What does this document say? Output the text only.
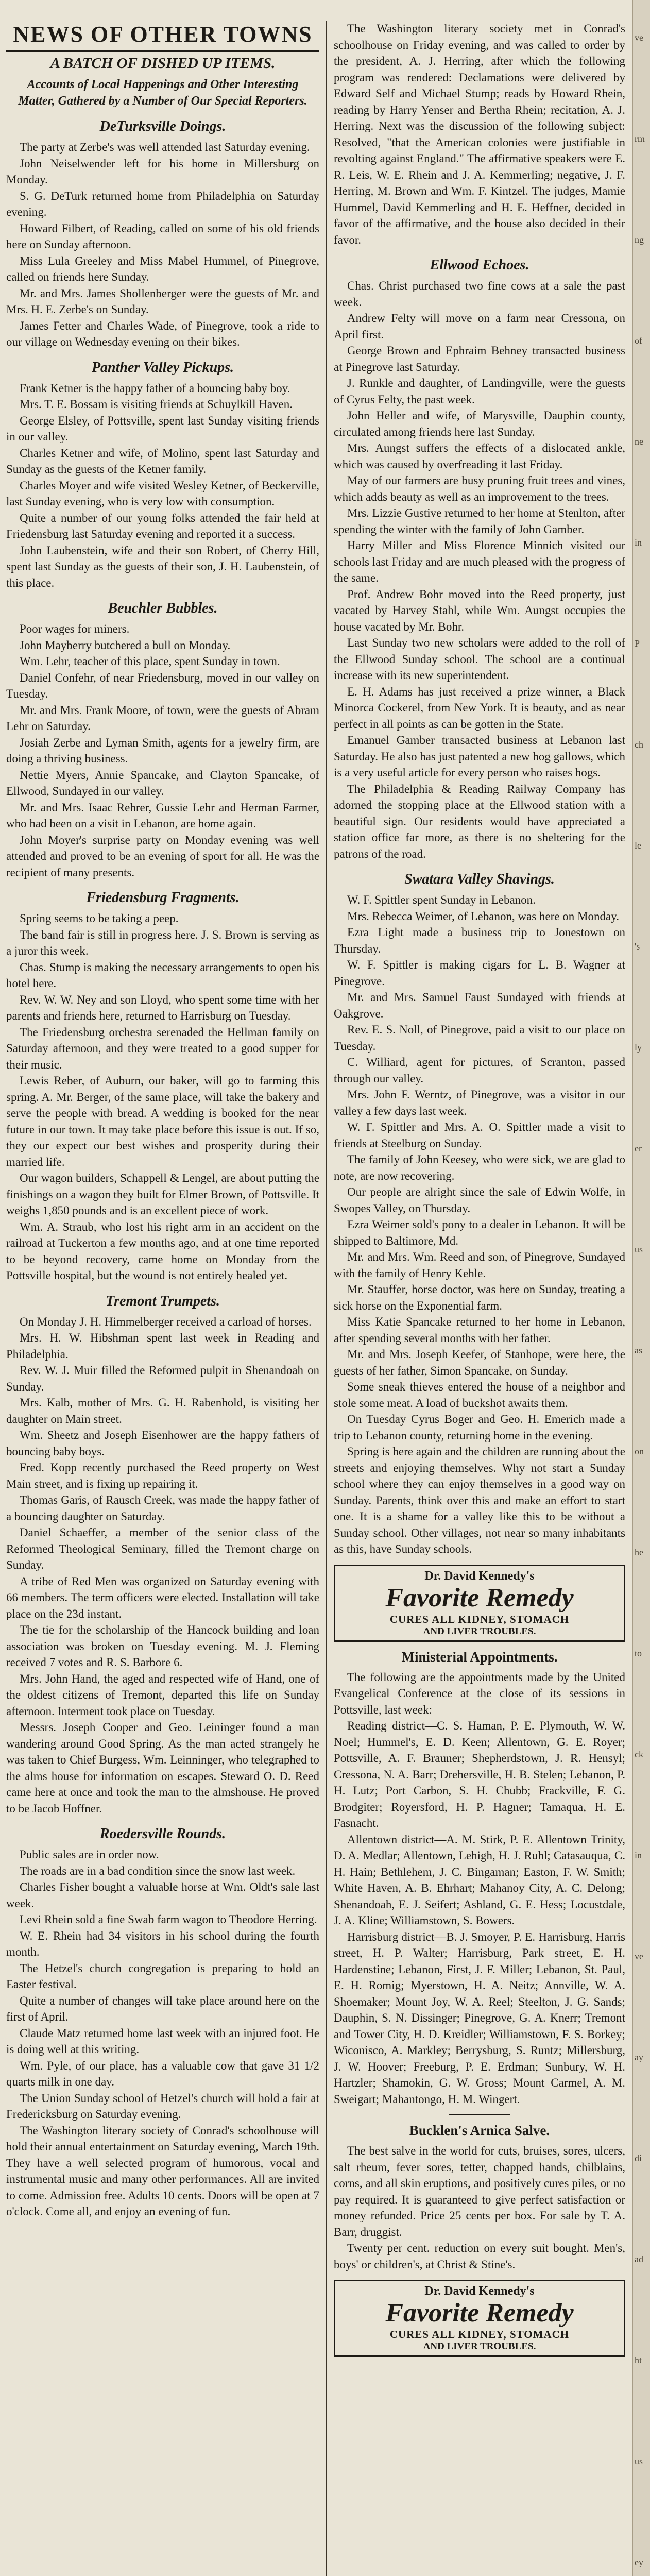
NEWS OF OTHER TOWNS
A BATCH OF DISHED UP ITEMS.
Accounts of Local Happenings and Other Interesting Matter, Gathered by a Number of Our Special Reporters.
DeTurksville Doings.

The party at Zerbe's was well attended last Saturday evening.

John Neiselwender left for his home in Millersburg on Monday.

S. G. DeTurk returned home from Philadelphia on Saturday evening.

Howard Filbert, of Reading, called on some of his old friends here on Sunday afternoon.

Miss Lula Greeley and Miss Mabel Hummel, of Pinegrove, called on friends here Sunday.

Mr. and Mrs. James Shollenberger were the guests of Mr. and Mrs. H. E. Zerbe's on Sunday.

James Fetter and Charles Wade, of Pinegrove, took a ride to our village on Wednesday evening on their bikes.

Panther Valley Pickups.

Frank Ketner is the happy father of a bouncing baby boy.

Mrs. T. E. Bossam is visiting friends at Schuylkill Haven.

George Elsley, of Pottsville, spent last Sunday visiting friends in our valley.

Charles Ketner and wife, of Molino, spent last Saturday and Sunday as the guests of the Ketner family.

Charles Moyer and wife visited Wesley Ketner, of Beckerville, last Sunday evening, who is very low with consumption.

Quite a number of our young folks attended the fair held at Friedensburg last Saturday evening and reported it a success.

John Laubenstein, wife and their son Robert, of Cherry Hill, spent last Sunday as the guests of their son, J. H. Laubenstein, of this place.

Beuchler Bubbles.

Poor wages for miners.

John Mayberry butchered a bull on Monday.

Wm. Lehr, teacher of this place, spent Sunday in town.

Daniel Confehr, of near Friedensburg, moved in our valley on Tuesday.

Mr. and Mrs. Frank Moore, of town, were the guests of Abram Lehr on Saturday.

Josiah Zerbe and Lyman Smith, agents for a jewelry firm, are doing a thriving business.

Nettie Myers, Annie Spancake, and Clayton Spancake, of Ellwood, Sundayed in our valley.

Mr. and Mrs. Isaac Rehrer, Gussie Lehr and Herman Farmer, who had been on a visit in Lebanon, are home again.

John Moyer's surprise party on Monday evening was well attended and proved to be an evening of sport for all. He was the recipient of many presents.

Friedensburg Fragments.

Spring seems to be taking a peep.

The band fair is still in progress here. J. S. Brown is serving as a juror this week.

Chas. Stump is making the necessary arrangements to open his hotel here.

Rev. W. W. Ney and son Lloyd, who spent some time with her parents and friends here, returned to Harrisburg on Tuesday.

The Friedensburg orchestra serenaded the Hellman family on Saturday afternoon, and they were treated to a good supper for their music.

Lewis Reber, of Auburn, our baker, will go to farming this spring. A. Mr. Berger, of the same place, will take the bakery and serve the people with bread. A wedding is booked for the near future in our town. It may take place before this issue is out. If so, they our expect our best wishes and prosperity during their married life.

Our wagon builders, Schappell & Lengel, are about putting the finishings on a wagon they built for Elmer Brown, of Pottsville. It weighs 1,850 pounds and is an excellent piece of work.

Wm. A. Straub, who lost his right arm in an accident on the railroad at Tuckerton a few months ago, and at one time reported to be beyond recovery, came home on Monday from the Pottsville hospital, but the wound is not entirely healed yet.

Tremont Trumpets.

On Monday J. H. Himmelberger received a carload of horses.

Mrs. H. W. Hibshman spent last week in Reading and Philadelphia.

Rev. W. J. Muir filled the Reformed pulpit in Shenandoah on Sunday.

Mrs. Kalb, mother of Mrs. G. H. Rabenhold, is visiting her daughter on Main street.

Wm. Sheetz and Joseph Eisenhower are the happy fathers of bouncing baby boys.

Fred. Kopp recently purchased the Reed property on West Main street, and is fixing up repairing it.

Thomas Garis, of Rausch Creek, was made the happy father of a bouncing daughter on Saturday.

Daniel Schaeffer, a member of the senior class of the Reformed Theological Seminary, filled the Tremont charge on Sunday.

A tribe of Red Men was organized on Saturday evening with 66 members. The term officers were elected. Installation will take place on the 23d instant.

The tie for the scholarship of the Hancock building and loan association was broken on Tuesday evening. M. J. Fleming received 7 votes and R. S. Barbore 6.

Mrs. John Hand, the aged and respected wife of Hand, one of the oldest citizens of Tremont, departed this life on Sunday afternoon. Interment took place on Tuesday.

Messrs. Joseph Cooper and Geo. Leininger found a man wandering around Good Spring. As the man acted strangely he was taken to Chief Burgess, Wm. Leinninger, who telegraphed to the alms house for information on escapes. Steward O. D. Reed came here at once and took the man to the almshouse. He proved to be Jacob Hoffner.

Roedersville Rounds.

Public sales are in order now.

The roads are in a bad condition since the snow last week.

Charles Fisher bought a valuable horse at Wm. Oldt's sale last week.

Levi Rhein sold a fine Swab farm wagon to Theodore Herring.

W. E. Rhein had 34 visitors in his school during the fourth month.

The Hetzel's church congregation is preparing to hold an Easter festival.

Quite a number of changes will take place around here on the first of April.

Claude Matz returned home last week with an injured foot. He is doing well at this writing.

Wm. Pyle, of our place, has a valuable cow that gave 31 1/2 quarts milk in one day.

The Union Sunday school of Hetzel's church will hold a fair at Fredericksburg on Saturday evening.

The Washington literary society of Conrad's schoolhouse will hold their annual entertainment on Saturday evening, March 19th. They have a well selected program of humorous, vocal and instrumental music and many other performances. All are invited to come. Admission free. Adults 10 cents. Doors will be open at 7 o'clock. Come all, and enjoy an evening of fun.

The Washington literary society met in Conrad's schoolhouse on Friday evening, and was called to order by the president, A. J. Herring, after which the following program was rendered: Declamations were delivered by Edward Self and Michael Stump; reads by Howard Rhein, reading by Harry Yenser and Bertha Rhein; recitation, A. J. Herring. Next was the discussion of the following subject: Resolved, "that the American colonies were justifiable in revolting against England." The affirmative speakers were E. R. Leis, W. E. Rhein and J. A. Kemmerling; negative, J. F. Herring, M. Brown and Wm. F. Kintzel. The judges, Mamie Hummel, David Kemmerling and H. E. Heffner, decided in favor of the affirmative, and the house also decided in their favor.

Ellwood Echoes.

Chas. Christ purchased two fine cows at a sale the past week.

Andrew Felty will move on a farm near Cressona, on April first.

George Brown and Ephraim Behney transacted business at Pinegrove last Saturday.

J. Runkle and daughter, of Landingville, were the guests of Cyrus Felty, the past week.

John Heller and wife, of Marysville, Dauphin county, circulated among friends here last Sunday.

Mrs. Aungst suffers the effects of a dislocated ankle, which was caused by overfreading it last Friday.

May of our farmers are busy pruning fruit trees and vines, which adds beauty as well as an improvement to the trees.

Mrs. Lizzie Gustive returned to her home at Stenlton, after spending the winter with the family of John Gamber.

Harry Miller and Miss Florence Minnich visited our schools last Friday and are much pleased with the progress of the same.

Prof. Andrew Bohr moved into the Reed property, just vacated by Harvey Stahl, while Wm. Aungst occupies the house vacated by Mr. Bohr.

Last Sunday two new scholars were added to the roll of the Ellwood Sunday school. The school are a continual increase with its new superintendent.

E. H. Adams has just received a prize winner, a Black Minorca Cockerel, from New York. It is beauty, and as near perfect in all points as can be gotten in the State.

Emanuel Gamber transacted business at Lebanon last Saturday. He also has just patented a new hog gallows, which is a very useful article for every person who raises hogs.

The Philadelphia & Reading Railway Company has adorned the stopping place at the Ellwood station with a beautiful sign. Our residents would have appreciated a station office far more, as there is no sheltering for the patrons of the road.

Swatara Valley Shavings.

W. F. Spittler spent Sunday in Lebanon.

Mrs. Rebecca Weimer, of Lebanon, was here on Monday.

Ezra Light made a business trip to Jonestown on Thursday.

W. F. Spittler is making cigars for L. B. Wagner at Pinegrove.

Mr. and Mrs. Samuel Faust Sundayed with friends at Oakgrove.

Rev. E. S. Noll, of Pinegrove, paid a visit to our place on Tuesday.

C. Williard, agent for pictures, of Scranton, passed through our valley.

Mrs. John F. Werntz, of Pinegrove, was a visitor in our valley a few days last week.

W. F. Spittler and Mrs. A. O. Spittler made a visit to friends at Steelburg on Sunday.

The family of John Keesey, who were sick, we are glad to note, are now recovering.

Our people are alright since the sale of Edwin Wolfe, in Swopes Valley, on Thursday.

Ezra Weimer sold's pony to a dealer in Lebanon. It will be shipped to Baltimore, Md.

Mr. and Mrs. Wm. Reed and son, of Pinegrove, Sundayed with the family of Henry Kehle.

Mr. Stauffer, horse doctor, was here on Sunday, treating a sick horse on the Exponential farm.

Miss Katie Spancake returned to her home in Lebanon, after spending several months with her father.

Mr. and Mrs. Joseph Keefer, of Stanhope, were here, the guests of her father, Simon Spancake, on Sunday.

Some sneak thieves entered the house of a neighbor and stole some meat. A load of buckshot awaits them.

On Tuesday Cyrus Boger and Geo. H. Emerich made a trip to Lebanon county, returning home in the evening.

Spring is here again and the children are running about the streets and enjoying themselves. Why not start a Sunday school where they can enjoy themselves in a good way on Sunday. Parents, think over this and make an effort to start one. It is a shame for a valley like this to be without a Sunday school. Other villages, not near so many inhabitants as this, have Sunday schools.

Dr. David Kennedy's
Favorite Remedy
CURES ALL KIDNEY, STOMACH
AND LIVER TROUBLES.
Ministerial Appointments.

The following are the appointments made by the United Evangelical Conference at the close of its sessions in Pottsville, last week:

Reading district—C. S. Haman, P. E. Plymouth, W. W. Noel; Hummel's, E. D. Keen; Allentown, G. E. Royer; Pottsville, A. F. Brauner; Shepherdstown, J. R. Hensyl; Cressona, N. A. Barr; Drehersville, H. B. Stelen; Lebanon, P. H. Lutz; Port Carbon, S. H. Chubb; Frackville, F. G. Brodgiter; Royersford, H. P. Hagner; Tamaqua, H. E. Fasnacht.

Allentown district—A. M. Stirk, P. E. Allentown Trinity, D. A. Medlar; Allentown, Lehigh, H. J. Ruhl; Catasauqua, C. H. Hain; Bethlehem, J. C. Bingaman; Easton, F. W. Smith; White Haven, A. B. Ehrhart; Mahanoy City, A. C. Delong; Shenandoah, E. J. Seifert; Ashland, G. E. Hess; Locustdale, J. A. Kline; Williamstown, S. Bowers.

Harrisburg district—B. J. Smoyer, P. E. Harrisburg, Harris street, H. P. Walter; Harrisburg, Park street, E. H. Hardenstine; Lebanon, First, J. F. Miller; Lebanon, St. Paul, E. H. Romig; Myerstown, H. A. Neitz; Annville, W. A. Shoemaker; Mount Joy, W. A. Reel; Steelton, J. G. Sands; Dauphin, S. N. Dissinger; Pinegrove, G. A. Knerr; Tremont and Tower City, H. D. Kreidler; Williamstown, F. S. Borkey; Wiconisco, A. Markley; Berrysburg, S. Runtz; Millersburg, J. W. Hoover; Freeburg, P. E. Erdman; Sunbury, W. H. Hartzler; Shamokin, G. W. Gross; Mount Carmel, A. M. Sweigart; Mahantongo, H. M. Wingert.

Bucklen's Arnica Salve.

The best salve in the world for cuts, bruises, sores, ulcers, salt rheum, fever sores, tetter, chapped hands, chilblains, corns, and all skin eruptions, and positively cures piles, or no pay required. It is guaranteed to give perfect satisfaction or money refunded. Price 25 cents per box. For sale by T. A. Barr, druggist.

Twenty per cent. reduction on every suit bought. Men's, boys' or children's, at Christ & Stine's.

Dr. David Kennedy's
Favorite Remedy
CURES ALL KIDNEY, STOMACH
AND LIVER TROUBLES.
ve
rm
ng
of
ne
in
P
ch
le
's
ly
er
us
as
on
he
to
ck
in
ve
ay
di
ad
ht
us
ey
